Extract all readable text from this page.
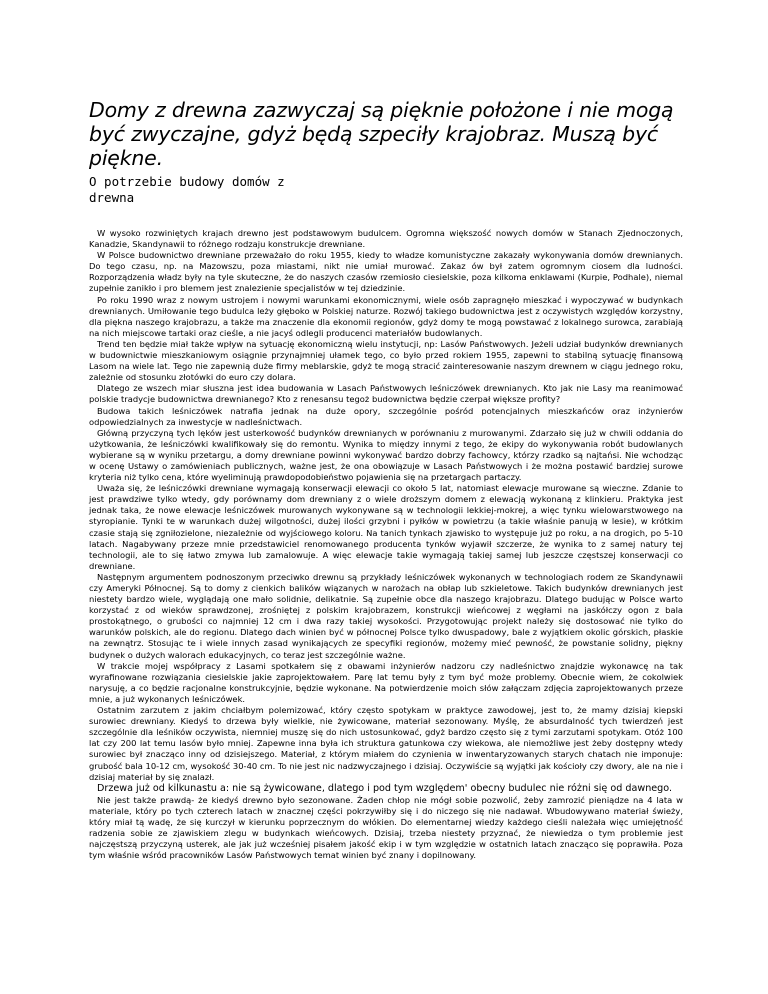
Domy z drewna zazwyczaj są pięknie położone i nie mogą być zwyczajne, gdyż będą szpeciły krajobraz. Muszą być piękne.
O potrzebie budowy domów z drewna

W wysoko rozwiniętych krajach drewno jest podstawowym budulcem. Ogromna większość nowych domów w Stanach Zjednoczonych, Kanadzie, Skandynawii to różnego rodzaju konstrukcje drewniane.

W Polsce budownictwo drewniane przeważało do roku 1955, kiedy to władze komunistyczne zakazały wykonywania domów drewnianych. Do tego czasu, np. na Mazowszu, poza miastami, nikt nie umiał murować. Zakaz ów był zatem ogromnym ciosem dla ludności. Rozporządzenia władz były na tyle skuteczne, że do naszych czasów rzemiosło ciesielskie, poza kilkoma enklawami (Kurpie, Podhale), niemal zupełnie zanikło i pro blemem jest znalezienie specjalistów w tej dziedzinie.

Po roku 1990 wraz z nowym ustrojem i nowymi warunkami ekonomicznymi, wiele osób zapragnęło mieszkać i wypoczywać w budynkach drewnianych. Umiłowanie tego budulca leży głęboko w Polskiej naturze. Rozwój takiego budownictwa jest z oczywistych względów korzystny, dla piękna naszego krajobrazu, a także ma znaczenie dla ekonomii regionów, gdyż domy te mogą powstawać z lokalnego surowca, zarabiają na nich miejscowe tartaki oraz cieśle, a nie jacyś odlegli producenci materiałów budowlanych.

Trend ten będzie miał także wpływ na sytuację ekonomiczną wielu instytucji, np: Lasów Państwowych. Jeżeli udział budynków drewnianych w budownictwie mieszkaniowym osiągnie przynajmniej ułamek tego, co było przed rokiem 1955, zapewni to stabilną sytuację finansową Lasom na wiele lat. Tego nie zapewnią duże firmy meblarskie, gdyż te mogą stracić zainteresowanie naszym drewnem w ciągu jednego roku, zależnie od stosunku złotówki do euro czy dolara.

Dlatego ze wszech miar słuszna jest idea budowania w Lasach Państwowych leśniczówek drewnianych. Kto jak nie Lasy ma reanimować polskie tradycje budownictwa drewnianego? Kto z renesansu tegoż budownictwa będzie czerpał większe profity?

Budowa takich leśniczówek natrafia jednak na duże opory, szczególnie pośród potencjalnych mieszkańców oraz inżynierów odpowiedzialnych za inwestycje w nadleśnictwach.

Główną przyczyną tych lęków jest usterkowość budynków drewnianych w porównaniu z murowanymi. Zdarzało się już w chwili oddania do użytkowania, że leśniczówki kwalifikowały się do remontu. Wynika to między innymi z tego, że ekipy do wykonywania robót budowlanych wybierane są w wyniku przetargu, a domy drewniane powinni wykonywać bardzo dobrzy fachowcy, którzy rzadko są najtańsi. Nie wchodząc w ocenę Ustawy o zamówieniach publicznych, ważne jest, że ona obowiązuje w Lasach Państwowych i że można postawić bardziej surowe kryteria niż tylko cena, które wyeliminują prawdopodobieństwo pojawienia się na przetargach partaczy.

Uważa się, że leśniczówki drewniane wymagają konserwacji elewacji co około 5 lat, natomiast elewacje murowane są wieczne. Zdanie to jest prawdziwe tylko wtedy, gdy porównamy dom drewniany z o wiele droższym domem z elewacją wykonaną z klinkieru. Praktyka jest jednak taka, że nowe elewacje leśniczówek murowanych wykonywane są w technologii lekkiej-mokrej, a więc tynku wielowarstwowego na styropianie. Tynki te w warunkach dużej wilgotności, dużej ilości grzybni i pyłków w powietrzu (a takie właśnie panują w lesie), w krótkim czasie stają się zgniłozielone, niezależnie od wyjściowego koloru. Na tanich tynkach zjawisko to występuje już po roku, a na drogich, po 5-10 latach. Nagabywany przeze mnie przedstawiciel renomowanego producenta tynków wyjawił szczerze, że wynika to z samej natury tej technologii, ale to się łatwo zmywa lub zamalowuje. A więc elewacje takie wymagają takiej samej lub jeszcze częstszej konserwacji co drewniane.

Następnym argumentem podnoszonym przeciwko drewnu są przykłady leśniczówek wykonanych w technologiach rodem ze Skandynawii czy Ameryki Północnej. Są to domy z cienkich balików wiązanych w narożach na obłap lub szkieletowe. Takich budynków drewnianych jest niestety bardzo wiele, wyglądają one mało solidnie, delikatnie. Są zupełnie obce dla naszego krajobrazu. Dlatego budując w Polsce warto korzystać z od wieków sprawdzonej, zrośniętej z polskim krajobrazem, konstrukcji wieńcowej z węgłami na jaskółczy ogon z bala prostokątnego, o grubości co najmniej 12 cm i dwa razy takiej wysokości. Przygotowując projekt należy się dostosować nie tylko do warunków polskich, ale do regionu. Dlatego dach winien być w północnej Polsce tylko dwuspadowy, bale z wyjątkiem okolic górskich, płaskie na zewnątrz. Stosując te i wiele innych zasad wynikających ze specyfiki regionów, możemy mieć pewność, że powstanie solidny, piękny budynek o dużych walorach edukacyjnych, co teraz jest szczególnie ważne.

W trakcie mojej współpracy z Lasami spotkałem się z obawami inżynierów nadzoru czy nadleśnictwo znajdzie wykonawcę na tak wyrafinowane rozwiązania ciesielskie jakie zaprojektowałem. Parę lat temu były z tym być może problemy. Obecnie wiem, że cokolwiek narysuję, a co będzie racjonalne konstrukcyjnie, będzie wykonane. Na potwierdzenie moich słów załączam zdjęcia zaprojektowanych przeze mnie, a już wykonanych leśniczówek.

Ostatnim zarzutem z jakim chciałbym polemizować, który często spotykam w praktyce zawodowej, jest to, że mamy dzisiaj kiepski surowiec drewniany. Kiedyś to drzewa były wielkie, nie żywicowane, materiał sezonowany. Myślę, że absurdalność tych twierdzeń jest szczególnie dla leśników oczywista, niemniej muszę się do nich ustosunkować, gdyż bardzo często się z tymi zarzutami spotykam. Otóż 100 lat czy 200 lat temu lasów było mniej. Zapewne inna była ich struktura gatunkowa czy wiekowa, ale niemożliwe jest żeby dostępny wtedy surowiec był znacząco inny od dzisiejszego. Materiał, z którym miałem do czynienia w inwentaryzowanych starych chatach nie imponuje: grubość bala 10-12 cm, wysokość 30-40 cm. To nie jest nic nadzwyczajnego i dzisiaj. Oczywiście są wyjątki jak kościoły czy dwory, ale na nie i dzisiaj materiał by się znalazł.

Drzewa już od kilkunastu a: nie są żywicowane, dlatego i pod tym względem' obecny budulec nie różni się od dawnego.

Nie jest także prawdą- że kiedyś drewno było sezonowane. Żaden chłop nie mógł sobie pozwolić, żeby zamrozić pieniądze na 4 lata w materiale, który po tych czterech latach w znacznej części pokrzywiłby się i do niczego się nie nadawał. Wbudowywano materiał świeży, który miał tą wadę, że się kurczył w kierunku poprzecznym do włókien. Do elementarnej wiedzy każdego cieśli należała więc umiejętność radzenia sobie ze zjawiskiem zlegu w budynkach wieńcowych. Dzisiaj, trzeba niestety przyznać, że niewiedza o tym problemie jest najczęstszą przyczyną usterek, ale jak już wcześniej pisałem jakość ekip i w tym względzie w ostatnich latach znacząco się poprawiła. Poza tym właśnie wśród pracowników Lasów Państwowych temat winien być znany i dopilnowany.
